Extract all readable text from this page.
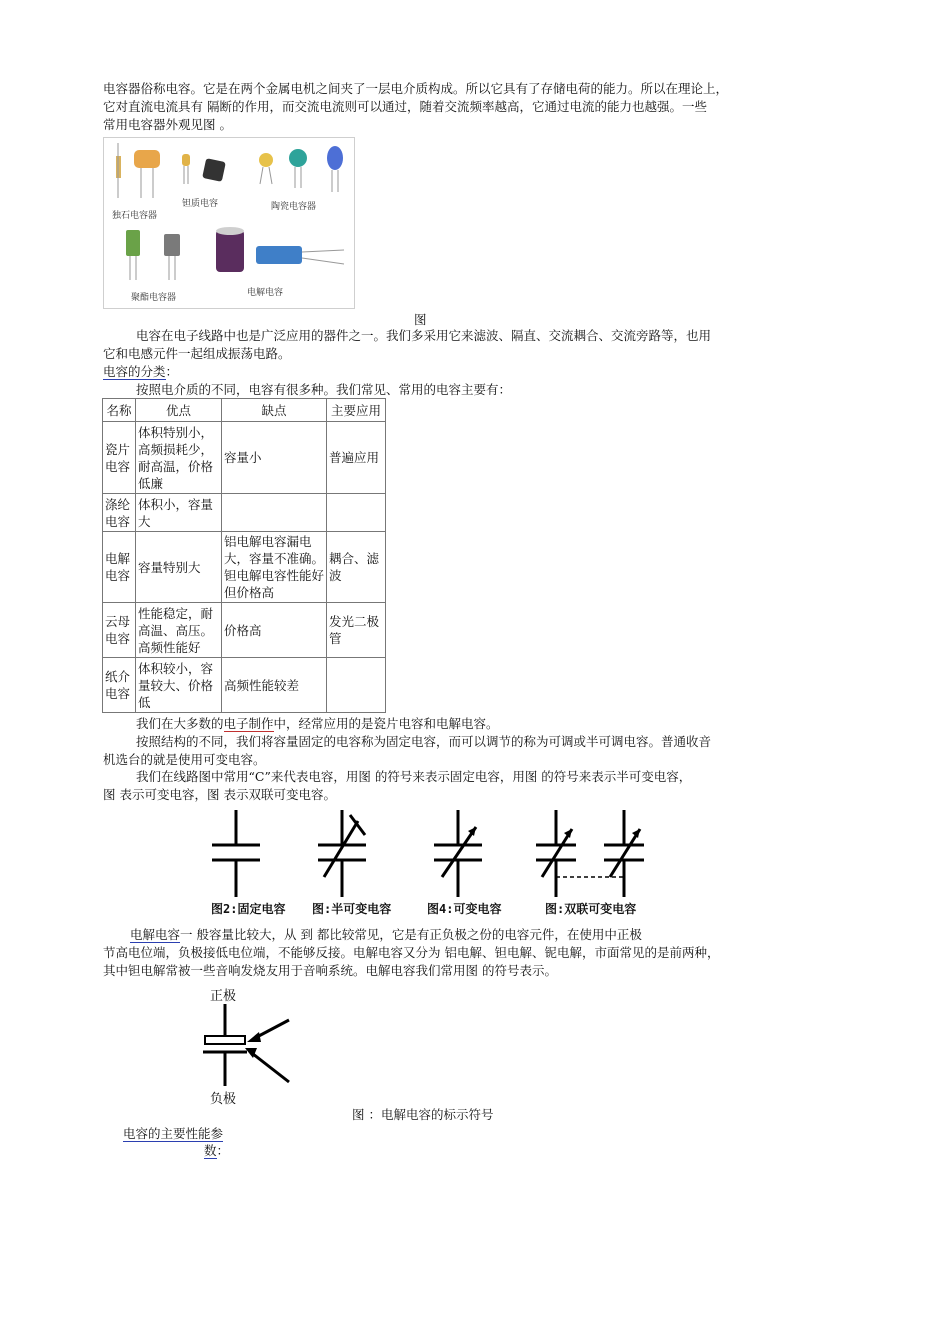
电容器俗称电容。它是在两个金属电机之间夹了一层电介质构成。所以它具有了存储电荷的能力。所以在理论上，
它对直流电流具有 隔断的作用，而交流电流则可以通过，随着交流频率越高，它通过电流的能力也越强。一些
常用电容器外观见图 。
独石电容器
钽质电容	陶瓷电容器
聚酯电容器	电解电容
图
电容在电子线路中也是广泛应用的器件之一。我们多采用它来滤波、隔直、交流耦合、交流旁路等，也用
它和电感元件一起组成振荡电路。
电容的分类：
按照电介质的不同，电容有很多种。我们常见、常用的电容主要有：
名称	优点	缺点	主要应用
瓷片电容	体积特别小，高频损耗少，耐高温，价格低廉	容量小	普遍应用
涤纶电容	体积小，容量大		
电解电容	容量特别大	铝电解电容漏电大，容量不准确。钽电解电容性能好但价格高	耦合、滤波
云母电容	性能稳定，耐高温、高压。高频性能好	价格高	发光二极管
纸介电容	体积较小，容量较大、价格低	高频性能较差	
我们在大多数的电子制作中，经常应用的是瓷片电容和电解电容。
按照结构的不同，我们将容量固定的电容称为固定电容，而可以调节的称为可调或半可调电容。普通收音
机选台的就是使用可变电容。
我们在线路图中常用“C”来代表电容，用图 的符号来表示固定电容，用图 的符号来表示半可变电容，
图 表示可变电容，图 表示双联可变电容。
图2:固定电容 图:半可变电容	图4:可变电容	图:双联可变电容
电解电容一 般容量比较大，从 到 都比较常见，它是有正负极之份的电容元件，在使用中正极
节高电位端，负极接低电位端，不能够反接。电解电容又分为 铝电解、钽电解、铌电解，市面常见的是前两种，
其中钽电解常被一些音响发烧友用于音响系统。电解电容我们常用图 的符号表示。
正极
负极
图 ：电解电容的标示符号
电容的主要性能参
数：
